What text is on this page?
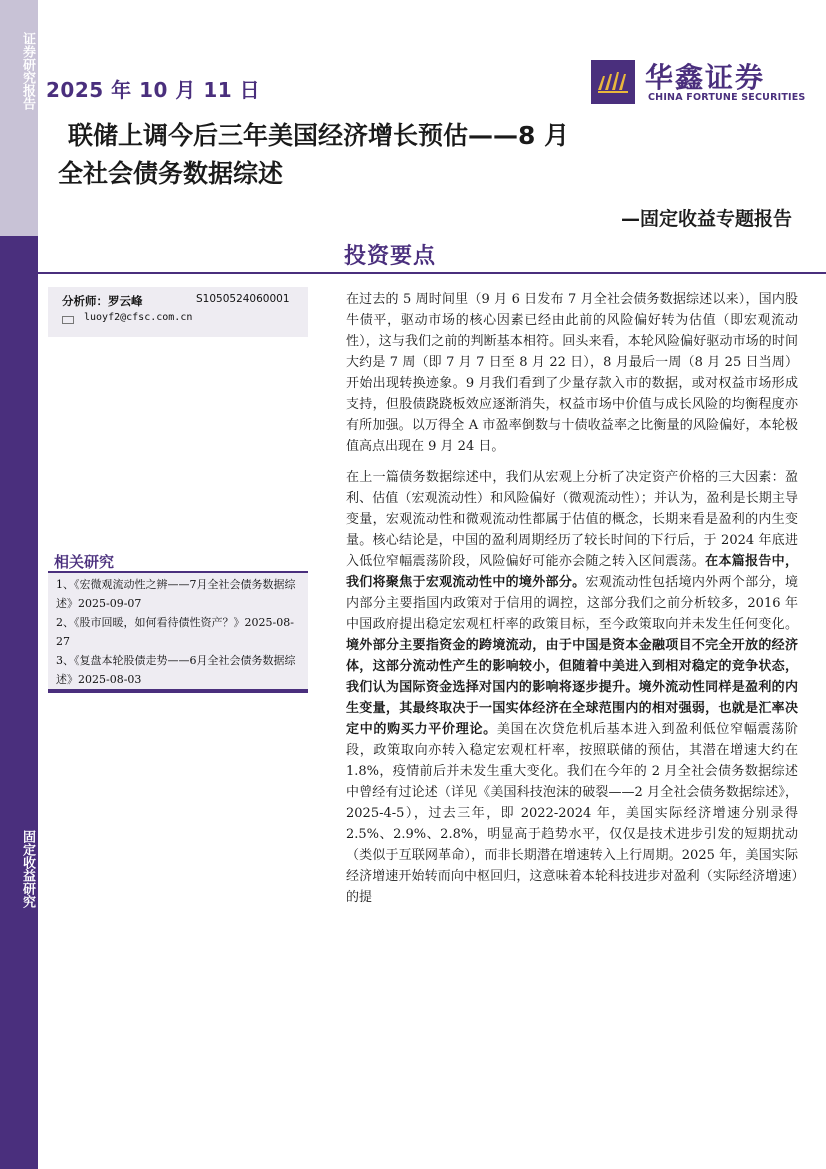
证券研究报告
固定收益研究
2025 年 10 月 11 日	华鑫证券
CHINA FORTUNE SECURITIES
联储上调今后三年美国经济增长预估——8 月
全社会债务数据综述
—固定收益专题报告
投资要点
分析师：罗云峰	S1050524060001
luoyf2@cfsc.com.cn
相关研究
1、《宏微观流动性之辨——7月全社会债务数据综述》2025-09-07
2、《股市回暖，如何看待债性资产？》2025-08-27
3、《复盘本轮股债走势——6月全社会债务数据综述》2025-08-03

在过去的 5 周时间里（9 月 6 日发布 7 月全社会债务数据综述以来），国内股牛债平，驱动市场的核心因素已经由此前的风险偏好转为估值（即宏观流动性），这与我们之前的判断基本相符。回头来看，本轮风险偏好驱动市场的时间大约是 7 周（即 7 月 7 日至 8 月 22 日），8 月最后一周（8 月 25 日当周）开始出现转换迹象。9 月我们看到了少量存款入市的数据，或对权益市场形成支持，但股债跷跷板效应逐渐消失，权益市场中价值与成长风险的均衡程度亦有所加强。以万得全 A 市盈率倒数与十债收益率之比衡量的风险偏好，本轮极值高点出现在 9 月 24 日。

在上一篇债务数据综述中，我们从宏观上分析了决定资产价格的三大因素：盈利、估值（宏观流动性）和风险偏好（微观流动性）；并认为，盈利是长期主导变量，宏观流动性和微观流动性都属于估值的概念，长期来看是盈利的内生变量。核心结论是，中国的盈利周期经历了较长时间的下行后，于 2024 年底进入低位窄幅震荡阶段，风险偏好可能亦会随之转入区间震荡。在本篇报告中，我们将聚焦于宏观流动性中的境外部分。宏观流动性包括境内外两个部分，境内部分主要指国内政策对于信用的调控，这部分我们之前分析较多，2016 年中国政府提出稳定宏观杠杆率的政策目标，至今政策取向并未发生任何变化。境外部分主要指资金的跨境流动，由于中国是资本金融项目不完全开放的经济体，这部分流动性产生的影响较小，但随着中美进入到相对稳定的竞争状态，我们认为国际资金选择对国内的影响将逐步提升。境外流动性同样是盈利的内生变量，其最终取决于一国实体经济在全球范围内的相对强弱，也就是汇率决定中的购买力平价理论。美国在次贷危机后基本进入到盈利低位窄幅震荡阶段，政策取向亦转入稳定宏观杠杆率，按照联储的预估，其潜在增速大约在 1.8%，疫情前后并未发生重大变化。我们在今年的 2 月全社会债务数据综述中曾经有过论述（详见《美国科技泡沫的破裂——2 月全社会债务数据综述》，2025-4-5），过去三年，即 2022-2024 年，美国实际经济增速分别录得 2.5%、2.9%、2.8%，明显高于趋势水平，仅仅是技术进步引发的短期扰动（类似于互联网革命），而非长期潜在增速转入上行周期。2025 年，美国实际经济增速开始转而向中枢回归，这意味着本轮科技进步对盈利（实际经济增速）的提
